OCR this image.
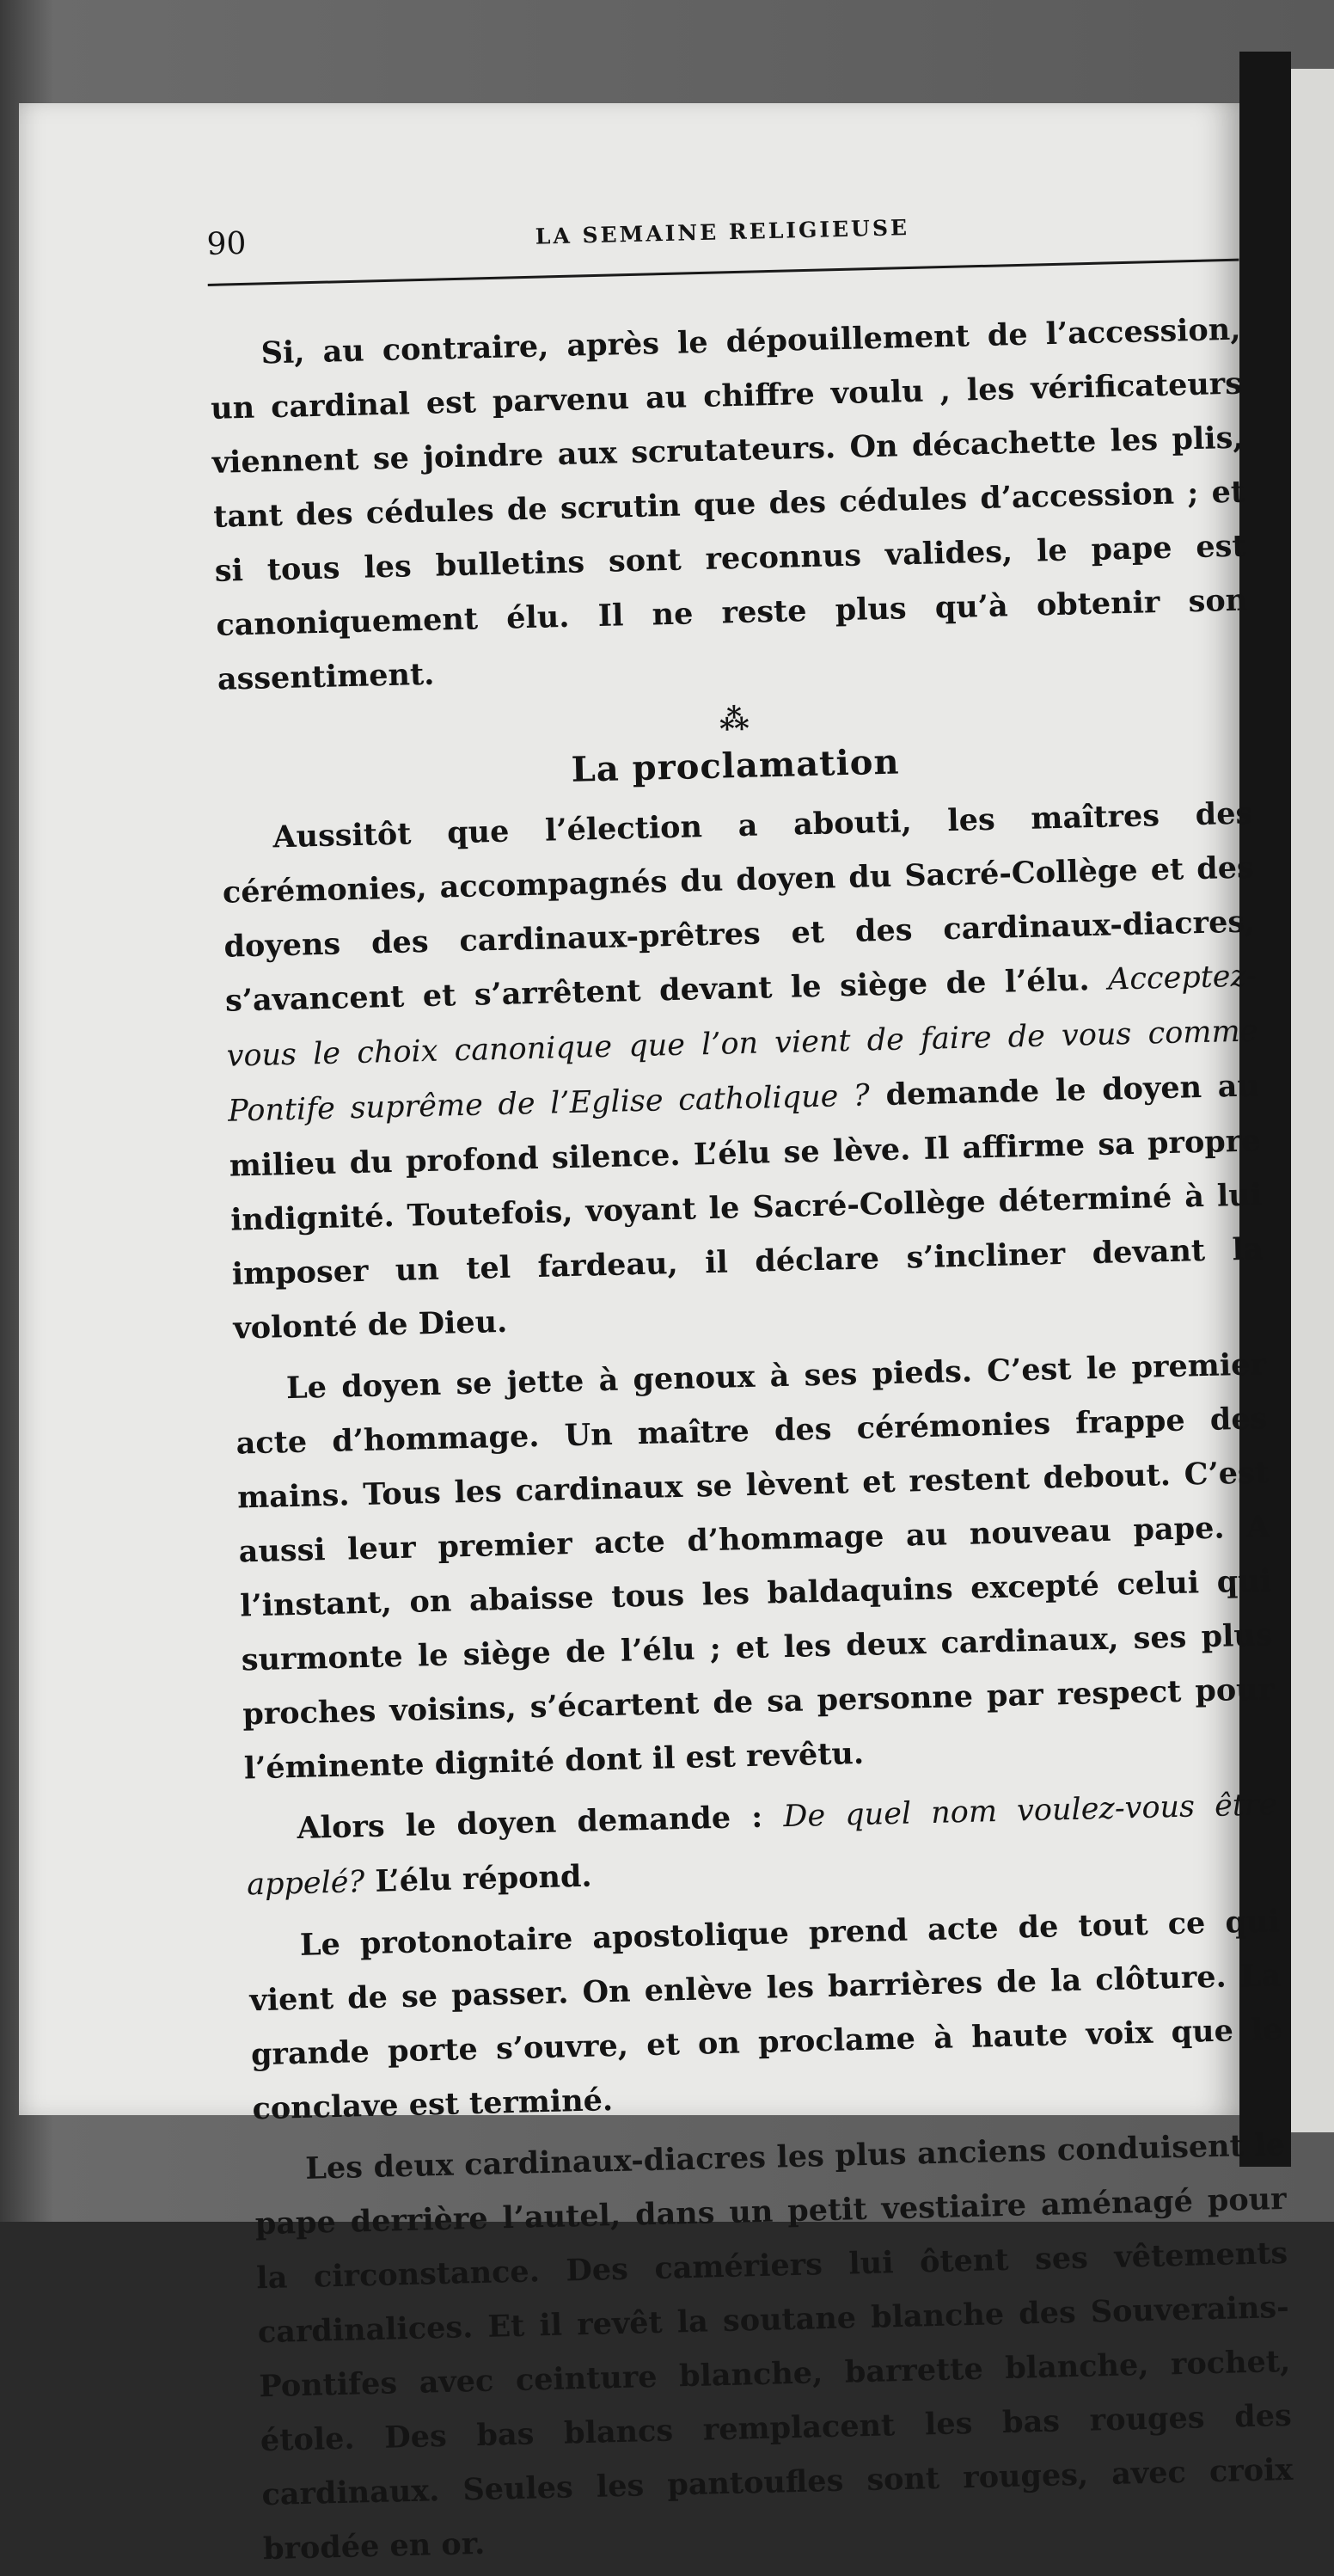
90	LA SEMAINE RELIGIEUSE

Si, au contraire, après le dépouillement de l’accession, un cardinal est parvenu au chiffre voulu , les vérificateurs viennent se joindre aux scrutateurs. On décachette les plis, tant des cédules de scrutin que des cédules d’accession ; et si tous les bulletins sont reconnus valides, le pape est canoniquement élu. Il ne reste plus qu’à obtenir son assentiment.

⁂
La proclamation

Aussitôt que l’élection a abouti, les maîtres des cérémonies, accompagnés du doyen du Sacré-Collège et des doyens des cardinaux-prêtres et des cardinaux-diacres, s’avancent et s’arrêtent devant le siège de l’élu. Acceptez-vous le choix canonique que l’on vient de faire de vous comme Pontife suprême de l’Eglise catholique ? demande le doyen au milieu du profond silence. L’élu se lève. Il affirme sa propre indignité. Toutefois, voyant le Sacré-Collège déterminé à lui imposer un tel fardeau, il déclare s’incliner devant la volonté de Dieu.

Le doyen se jette à genoux à ses pieds. C’est le premier acte d’hommage. Un maître des cérémonies frappe des mains. Tous les cardinaux se lèvent et restent debout. C’est aussi leur premier acte d’hommage au nouveau pape. A l’instant, on abaisse tous les baldaquins excepté celui qui surmonte le siège de l’élu ; et les deux cardinaux, ses plus proches voisins, s’écartent de sa personne par respect pour l’éminente dignité dont il est revêtu.

Alors le doyen demande : De quel nom voulez-vous être appelé? L’élu répond.

Le protonotaire apostolique prend acte de tout ce qui vient de se passer. On enlève les barrières de la clôture. La grande porte s’ouvre, et on proclame à haute voix que le conclave est terminé.

Les deux cardinaux-diacres les plus anciens conduisent le pape derrière l’autel, dans un petit vestiaire aménagé pour la circonstance. Des camériers lui ôtent ses vêtements cardinalices. Et il revêt la soutane blanche des Souverains-Pontifes avec ceinture blanche, barrette blanche, rochet, étole. Des bas blancs remplacent les bas rouges des cardinaux. Seules les pantoufles sont rouges, avec croix brodée en or.
